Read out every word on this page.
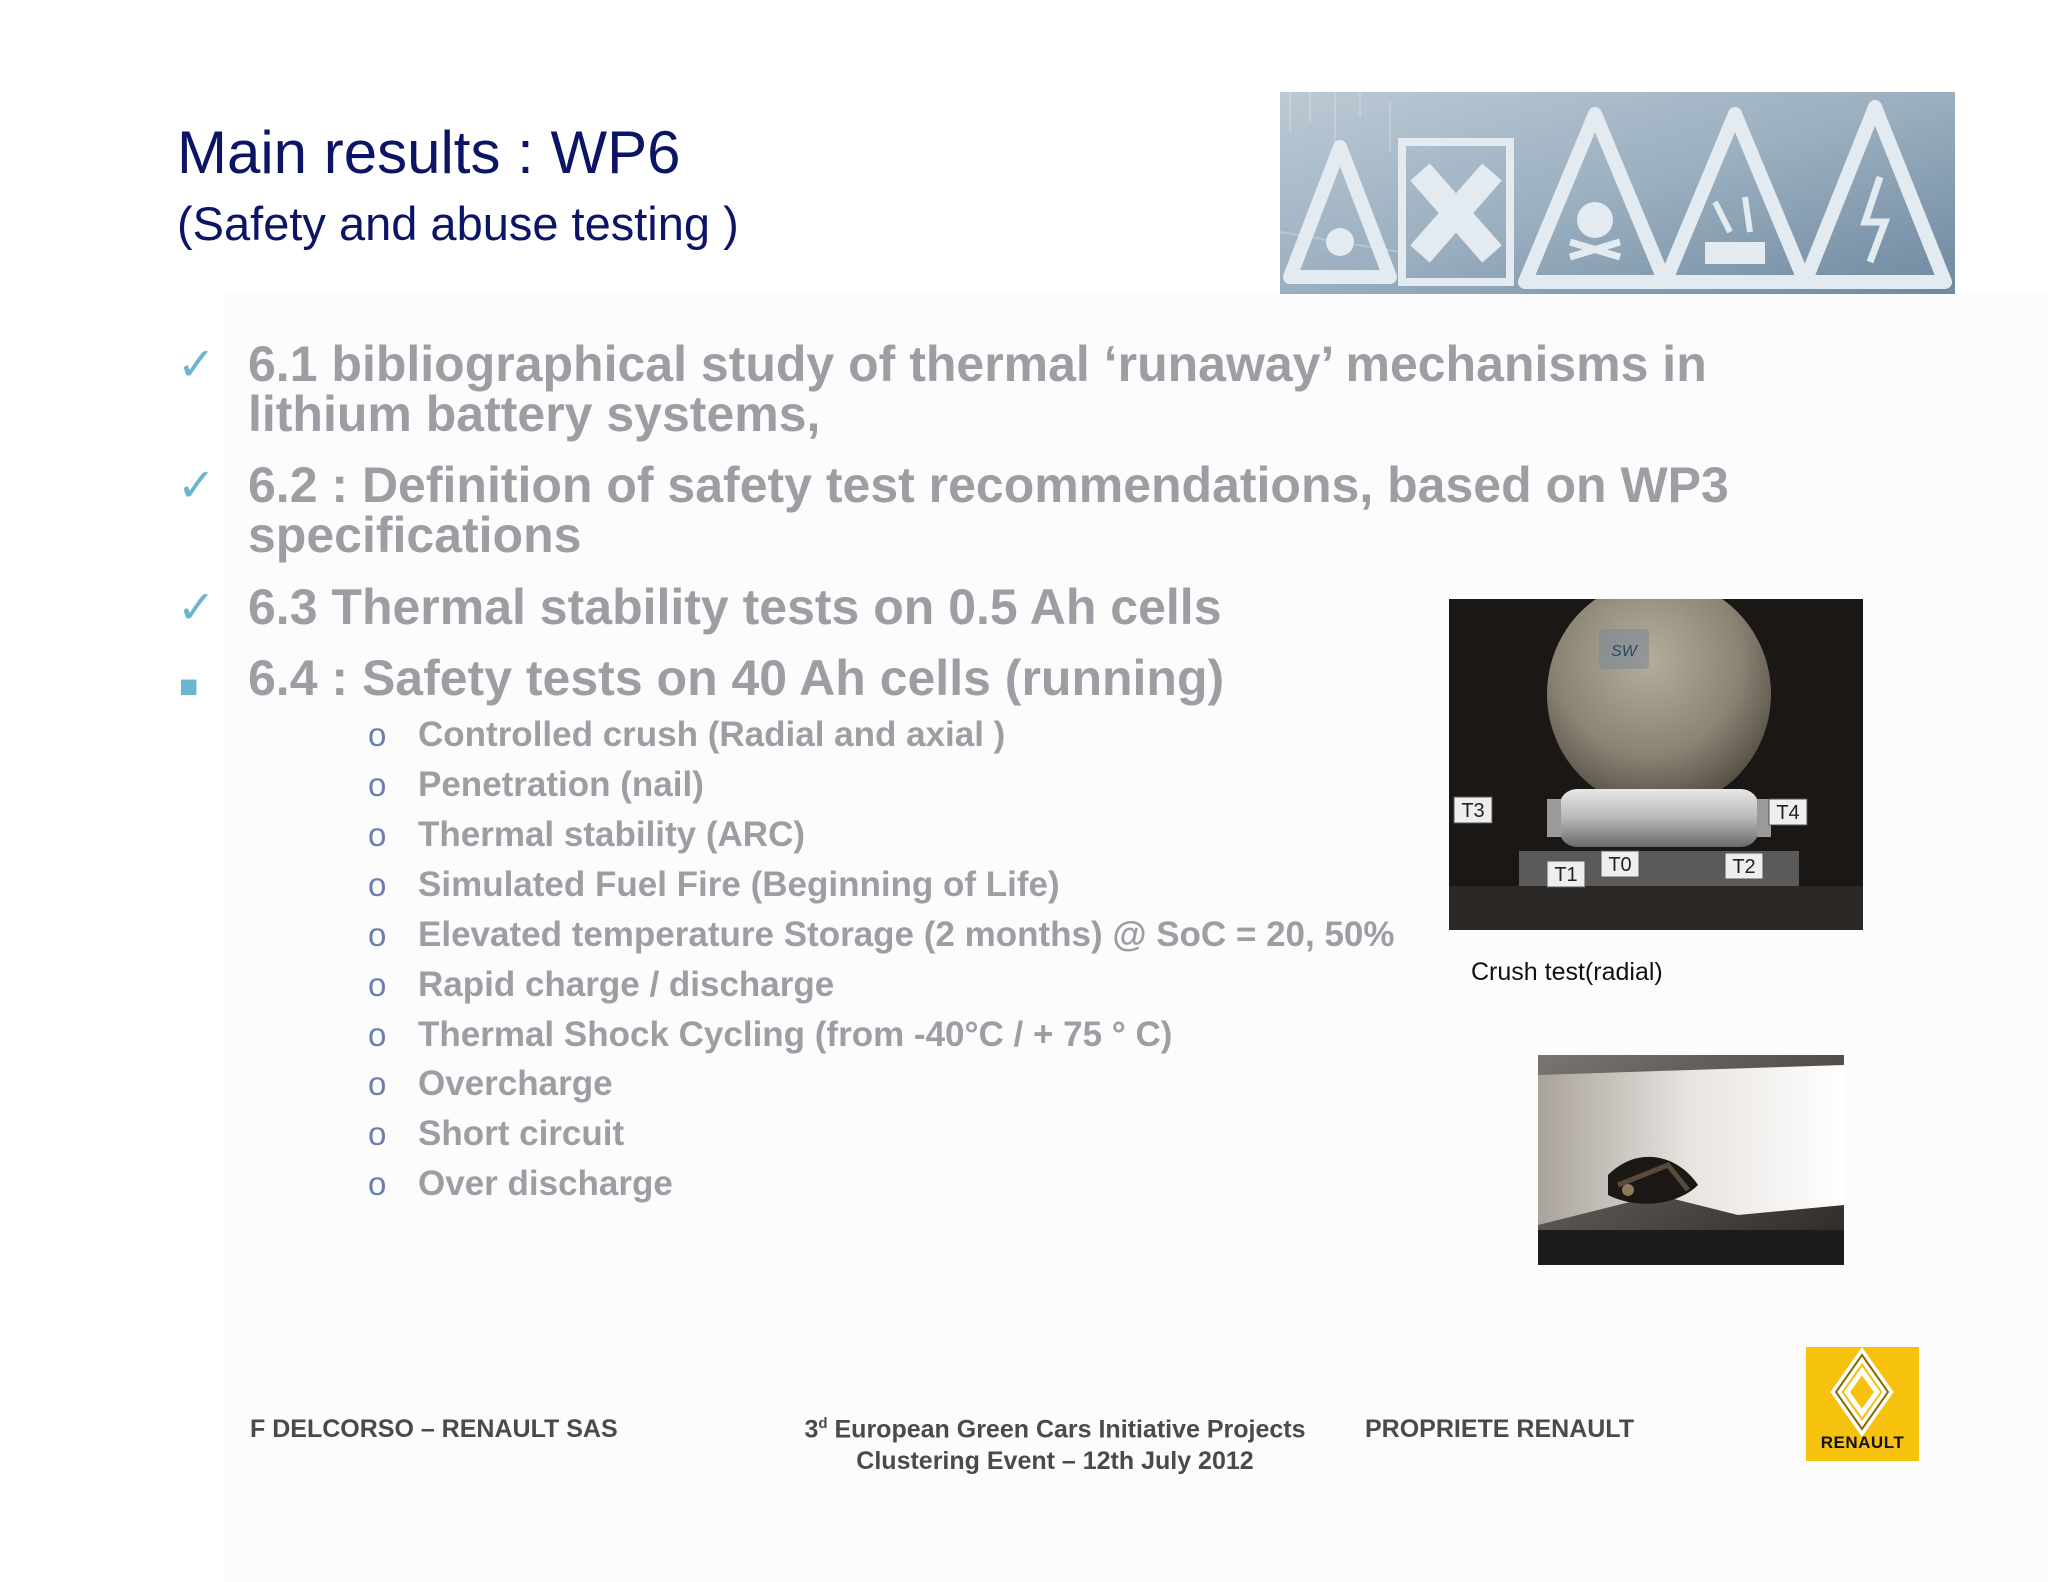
Main results : WP6
(Safety and abuse testing )
✓ 6.1 bibliographical study of thermal ‘runaway’ mechanisms in
lithium battery systems,
✓ 6.2 : Definition of safety test recommendations, based on WP3
specifications
✓ 6.3 Thermal stability tests on 0.5 Ah cells
■ 6.4 : Safety tests on 40 Ah cells (running)
o Controlled crush (Radial and axial )
o Penetration (nail)
o Thermal stability (ARC)
o Simulated Fuel Fire (Beginning of Life)
o Elevated temperature Storage (2 months) @ SoC = 20, 50%
o Rapid charge / discharge
o Thermal Shock Cycling (from -40°C / + 75 ° C)
o Overcharge
o Short circuit
o Over discharge
SW
T3	T4
T1 T0	T2
Crush test(radial)
F DELCORSO – RENAULT SAS	3$^d$ European Green Cars Initiative Projects
Clustering Event – 12th July 2012
PROPRIETE RENAULT	RENAULT
